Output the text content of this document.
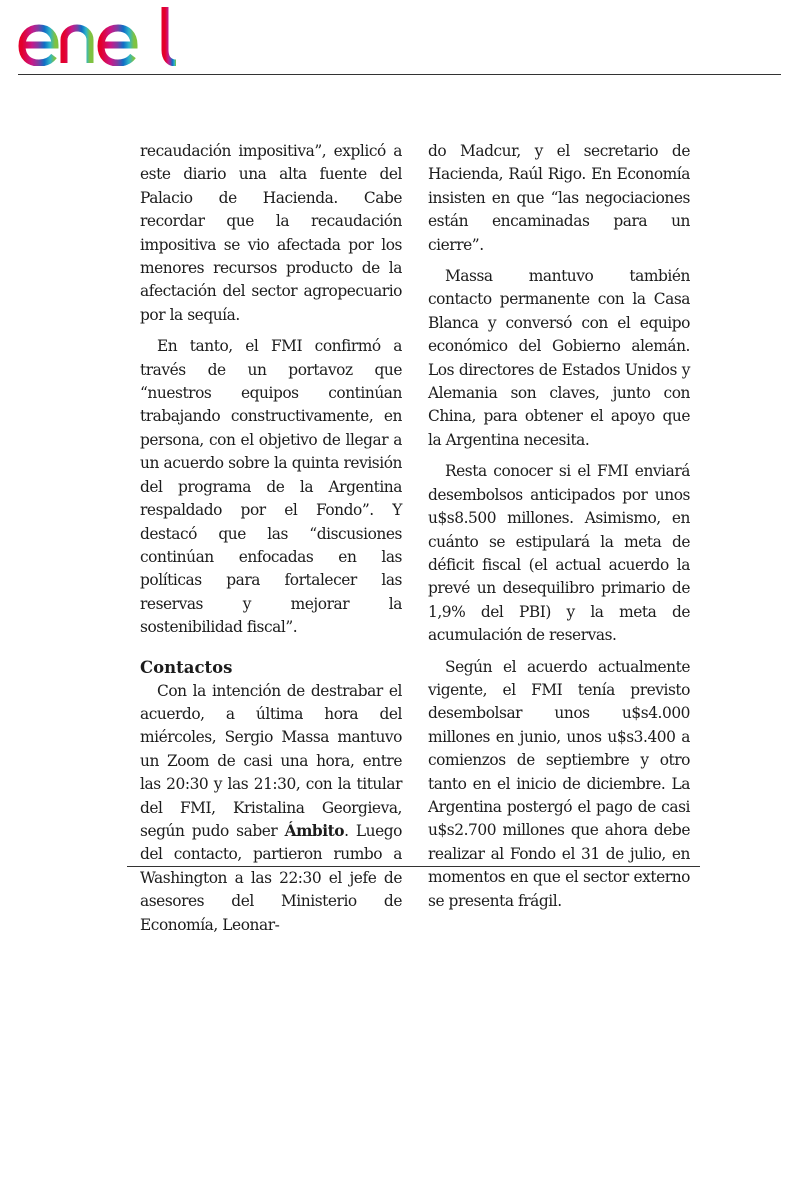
recaudación impositiva”, explicó a este diario una alta fuente del Palacio de Hacienda. Cabe recordar que la recaudación impositiva se vio afectada por los menores recursos producto de la afectación del sector agropecuario por la sequía.

En tanto, el FMI confirmó a través de un portavoz que “nuestros equipos continúan trabajando constructivamente, en persona, con el objetivo de llegar a un acuerdo sobre la quinta revisión del programa de la Argentina respaldado por el Fondo”. Y destacó que las “discusiones continúan enfocadas en las políticas para fortalecer las reservas y mejorar la sostenibilidad fiscal”.

Contactos

Con la intención de destrabar el acuerdo, a última hora del miércoles, Sergio Massa mantuvo un Zoom de casi una hora, entre las 20:30 y las 21:30, con la titular del FMI, Kristalina Georgieva, según pudo saber Ámbito. Luego del contacto, partieron rumbo a Washington a las 22:30 el jefe de asesores del Ministerio de Economía, Leonar-

do Madcur, y el secretario de Hacienda, Raúl Rigo. En Economía insisten en que “las negociaciones están encaminadas para un cierre”.

Massa mantuvo también contacto permanente con la Casa Blanca y conversó con el equipo económico del Gobierno alemán. Los directores de Estados Unidos y Alemania son claves, junto con China, para obtener el apoyo que la Argentina necesita.

Resta conocer si el FMI enviará desembolsos anticipados por unos u$s8.500 millones. Asimismo, en cuánto se estipulará la meta de déficit fiscal (el actual acuerdo la prevé un desequilibro primario de 1,9% del PBI) y la meta de acumulación de reservas.

Según el acuerdo actualmente vigente, el FMI tenía previsto desembolsar unos u$s4.000 millones en junio, unos u$s3.400 a comienzos de septiembre y otro tanto en el inicio de diciembre. La Argentina postergó el pago de casi u$s2.700 millones que ahora debe realizar al Fondo el 31 de julio, en momentos en que el sector externo se presenta frágil.
